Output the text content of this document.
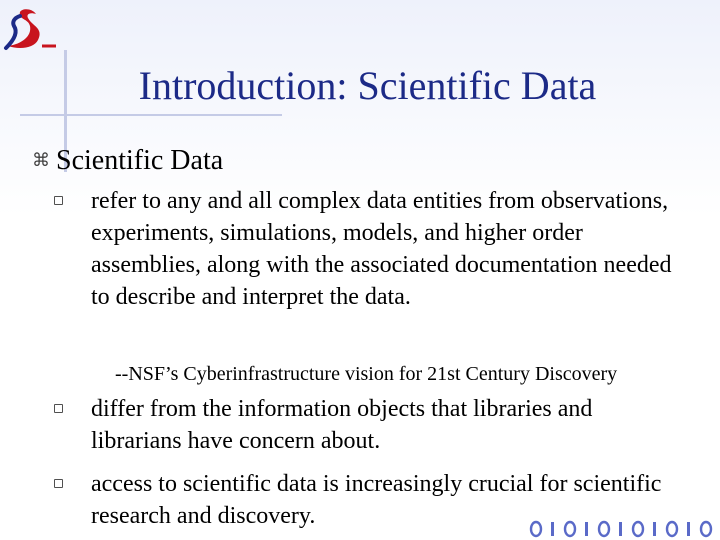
Introduction: Scientific Data
⌘ Scientific Data
refer to any and all complex data entities from observations, experiments, simulations, models, and higher order assemblies, along with the associated documentation needed to describe and interpret the data.
--NSF’s Cyberinfrastructure vision for 21st Century Discovery
differ from the information objects that libraries and librarians have concern about.
access to scientific data is increasingly crucial for scientific research and discovery.
